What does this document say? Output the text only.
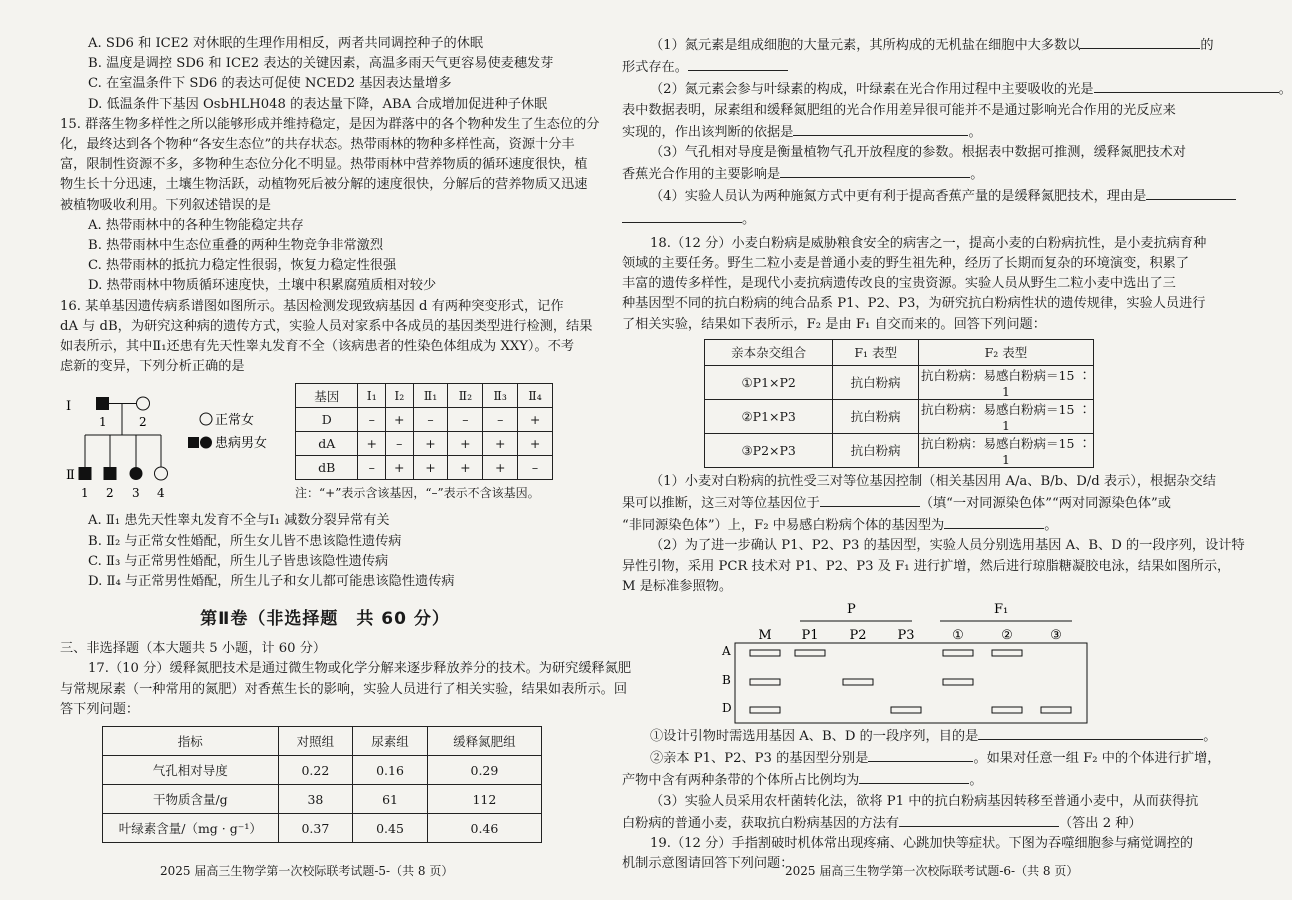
A. SD6 和 ICE2 对休眠的生理作用相反，两者共同调控种子的休眠
B. 温度是调控 SD6 和 ICE2 表达的关键因素，高温多雨天气更容易使麦穗发芽
C. 在室温条件下 SD6 的表达可促使 NCED2 基因表达量增多
D. 低温条件下基因 OsbHLH048 的表达量下降，ABA 合成增加促进种子休眠
15. 群落生物多样性之所以能够形成并维持稳定，是因为群落中的各个物种发生了生态位的分
化，最终达到各个物种“各安生态位”的共存状态。热带雨林的物种多样性高，资源十分丰
富，限制性资源不多，多物种生态位分化不明显。热带雨林中营养物质的循环速度很快，植
物生长十分迅速，土壤生物活跃，动植物死后被分解的速度很快，分解后的营养物质又迅速
被植物吸收利用。下列叙述错误的是
A. 热带雨林中的各种生物能稳定共存
B. 热带雨林中生态位重叠的两种生物竞争非常激烈
C. 热带雨林的抵抗力稳定性很弱，恢复力稳定性很强
D. 热带雨林中物质循环速度快，土壤中积累腐殖质相对较少
16. 某单基因遗传病系谱图如图所示。基因检测发现致病基因 d 有两种突变形式，记作
dA 与 dB，为研究这种病的遗传方式，实验人员对家系中各成员的基因类型进行检测，结果
如表所示，其中Ⅱ₁还患有先天性睾丸发育不全（该病患者的性染色体组成为 XXY）。不考
虑新的变异，下列分析正确的是
Ⅰ
Ⅱ
1	2
1 2 3 4
正常女
患病男女
基因	Ⅰ₁	Ⅰ₂	Ⅱ₁	Ⅱ₂	Ⅱ₃	Ⅱ₄
D	–	+	–	–	–	+
dA	+	–	+	+	+	+
dB	–	+	+	+	+	–
注：“+”表示含该基因，“–”表示不含该基因。
A. Ⅱ₁ 患先天性睾丸发育不全与Ⅰ₁ 减数分裂异常有关
B. Ⅱ₂ 与正常女性婚配，所生女儿皆不患该隐性遗传病
C. Ⅱ₃ 与正常男性婚配，所生儿子皆患该隐性遗传病
D. Ⅱ₄ 与正常男性婚配，所生儿子和女儿都可能患该隐性遗传病
第Ⅱ卷（非选择题　共 60 分）
三、非选择题（本大题共 5 小题，计 60 分）
17.（10 分）缓释氮肥技术是通过微生物或化学分解来逐步释放养分的技术。为研究缓释氮肥
与常规尿素（一种常用的氮肥）对香蕉生长的影响，实验人员进行了相关实验，结果如表所示。回
答下列问题：
指标	对照组	尿素组	缓释氮肥组
气孔相对导度	0.22	0.16	0.29
干物质含量/g	38	61	112
叶绿素含量/（mg · g⁻¹）	0.37	0.45	0.46
2025 届高三生物学第一次校际联考试题-5-（共 8 页）
（1）氮元素是组成细胞的大量元素，其所构成的无机盐在细胞中大多数以	的
形式存在。
（2）氮元素会参与叶绿素的构成，叶绿素在光合作用过程中主要吸收的光是	。
表中数据表明，尿素组和缓释氮肥组的光合作用差异很可能并不是通过影响光合作用的光反应来
实现的，作出该判断的依据是	。
（3）气孔相对导度是衡量植物气孔开放程度的参数。根据表中数据可推测，缓释氮肥技术对
香蕉光合作用的主要影响是	。
（4）实验人员认为两种施氮方式中更有利于提高香蕉产量的是缓释氮肥技术，理由是
。
18.（12 分）小麦白粉病是威胁粮食安全的病害之一，提高小麦的白粉病抗性，是小麦抗病育种
领域的主要任务。野生二粒小麦是普通小麦的野生祖先种，经历了长期而复杂的环境演变，积累了
丰富的遗传多样性，是现代小麦抗病遗传改良的宝贵资源。实验人员从野生二粒小麦中选出了三
种基因型不同的抗白粉病的纯合品系 P1、P2、P3，为研究抗白粉病性状的遗传规律，实验人员进行
了相关实验，结果如下表所示，F₂ 是由 F₁ 自交而来的。回答下列问题：
亲本杂交组合	F₁ 表型	F₂ 表型
①P1×P2	抗白粉病	抗白粉病：易感白粉病＝15 ∶ 1
②P1×P3	抗白粉病	抗白粉病：易感白粉病＝15 ∶ 1
③P2×P3	抗白粉病	抗白粉病：易感白粉病＝15 ∶ 1
（1）小麦对白粉病的抗性受三对等位基因控制（相关基因用 A/a、B/b、D/d 表示），根据杂交结
果可以推断，这三对等位基因位于	（填“一对同源染色体”“两对同源染色体”或
“非同源染色体”）上，F₂ 中易感白粉病个体的基因型为	。
（2）为了进一步确认 P1、P2、P3 的基因型，实验人员分别选用基因 A、B、D 的一段序列，设计特
异性引物，采用 PCR 技术对 P1、P2、P3 及 F₁ 进行扩增，然后进行琼脂糖凝胶电泳，结果如图所示，
M 是标准参照物。
P	F₁
M P1 P2 P3	①	②	③
A
B
D
①设计引物时需选用基因 A、B、D 的一段序列，目的是	。
②亲本 P1、P2、P3 的基因型分别是	。如果对任意一组 F₂ 中的个体进行扩增，
产物中含有两种条带的个体所占比例均为	。
（3）实验人员采用农杆菌转化法，欲将 P1 中的抗白粉病基因转移至普通小麦中，从而获得抗
白粉病的普通小麦，获取抗白粉病基因的方法有	（答出 2 种）
19.（12 分）手指割破时机体常出现疼痛、心跳加快等症状。下图为吞噬细胞参与痛觉调控的
机制示意图请回答下列问题：
2025 届高三生物学第一次校际联考试题-6-（共 8 页）
